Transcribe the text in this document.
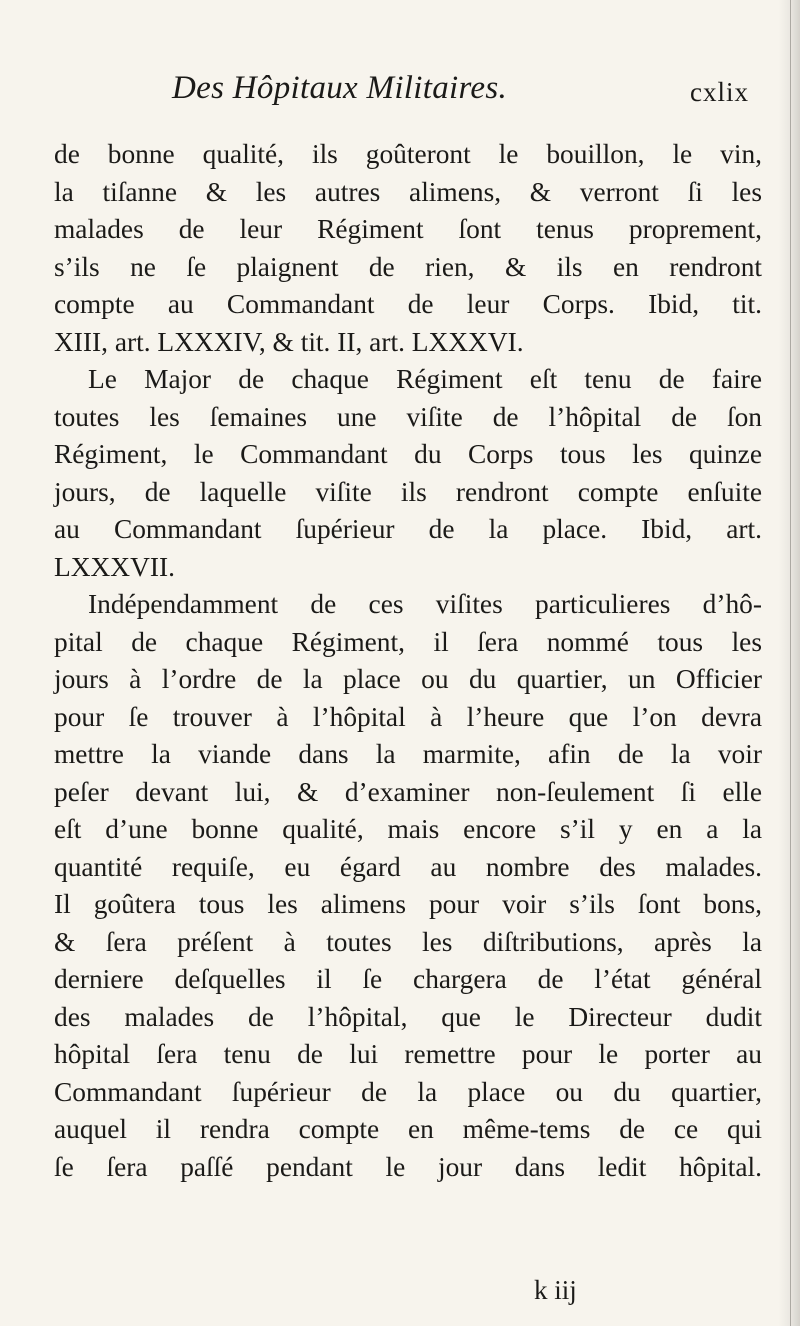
Des Hôpitaux Militaires.	cxlix
de bonne qualité, ils goûteront le bouillon, le vin,
la tiſanne & les autres alimens, & verront ſi les
malades de leur Régiment ſont tenus proprement,
s’ils ne ſe plaignent de rien, & ils en rendront
compte au Commandant de leur Corps. Ibid, tit.
XIII, art. LXXXIV, & tit. II, art. LXXXVI.
Le Major de chaque Régiment eſt tenu de faire
toutes les ſemaines une viſite de l’hôpital de ſon
Régiment, le Commandant du Corps tous les quinze
jours, de laquelle viſite ils rendront compte enſuite
au Commandant ſupérieur de la place. Ibid, art.
LXXXVII.
Indépendamment de ces viſites particulieres d’hô-
pital de chaque Régiment, il ſera nommé tous les
jours à l’ordre de la place ou du quartier, un Officier
pour ſe trouver à l’hôpital à l’heure que l’on devra
mettre la viande dans la marmite, afin de la voir
peſer devant lui, & d’examiner non-ſeulement ſi elle
eſt d’une bonne qualité, mais encore s’il y en a la
quantité requiſe, eu égard au nombre des malades.
Il goûtera tous les alimens pour voir s’ils ſont bons,
& ſera préſent à toutes les diſtributions, après la
derniere deſquelles il ſe chargera de l’état général
des malades de l’hôpital, que le Directeur dudit
hôpital ſera tenu de lui remettre pour le porter au
Commandant ſupérieur de la place ou du quartier,
auquel il rendra compte en même-tems de ce qui
ſe ſera paſſé pendant le jour dans ledit hôpital.
k iij
